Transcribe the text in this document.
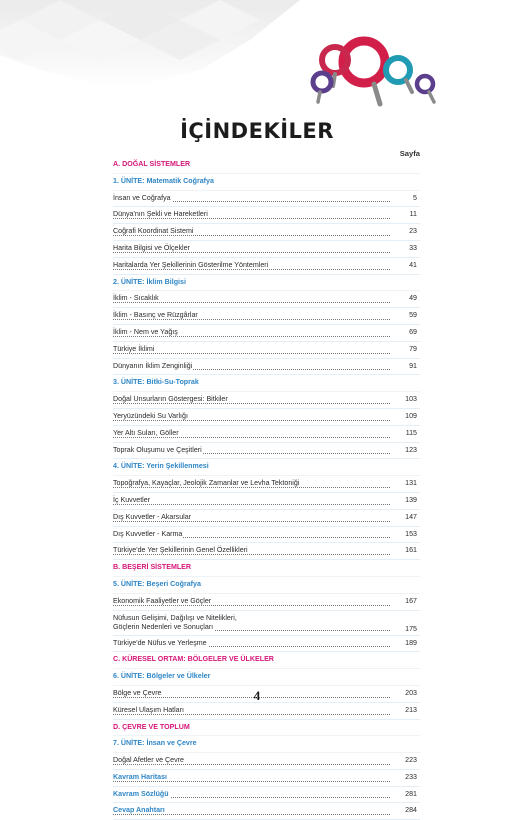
İÇİNDEKİLER
Sayfa
A. DOĞAL SİSTEMLER
1. ÜNİTE: Matematik Coğrafya
İnsan ve Coğrafya	5
Dünya'nın Şekli ve Hareketleri	11
Coğrafi Koordinat Sistemi	23
Harita Bilgisi ve Ölçekler	33
Haritalarda Yer Şekillerinin Gösterilme Yöntemleri	41
2. ÜNİTE: İklim Bilgisi
İklim - Sıcaklık	49
İklim - Basınç ve Rüzgârlar	59
İklim - Nem ve Yağış	69
Türkiye İklimi	79
Dünyanın İklim Zenginliği	91
3. ÜNİTE: Bitki-Su-Toprak
Doğal Unsurların Göstergesi: Bitkiler	103
Yeryüzündeki Su Varlığı	109
Yer Altı Suları, Göller	115
Toprak Oluşumu ve Çeşitleri	123
4. ÜNİTE: Yerin Şekillenmesi
Topoğrafya, Kayaçlar, Jeolojik Zamanlar ve Levha Tektoniği	131
İç Kuvvetler	139
Dış Kuvvetler - Akarsular	147
Dış Kuvvetler - Karma	153
Türkiye'de Yer Şekillerinin Genel Özellikleri	161
B. BEŞERİ SİSTEMLER
5. ÜNİTE: Beşeri Coğrafya
Ekonomik Faaliyetler ve Göçler	167
Nüfusun Gelişimi, Dağılışı ve Nitelikleri,
Göçlerin Nedenleri ve Sonuçları	175
Türkiye'de Nüfus ve Yerleşme	189
C. KÜRESEL ORTAM: BÖLGELER VE ÜLKELER
6. ÜNİTE: Bölgeler ve Ülkeler
Bölge ve Çevre	203
Küresel Ulaşım Hatları	213
D. ÇEVRE VE TOPLUM
7. ÜNİTE: İnsan ve Çevre
Doğal Afetler ve Çevre	223
Kavram Haritası	233
Kavram Sözlüğü	281
Cevap Anahtarı	284
4
